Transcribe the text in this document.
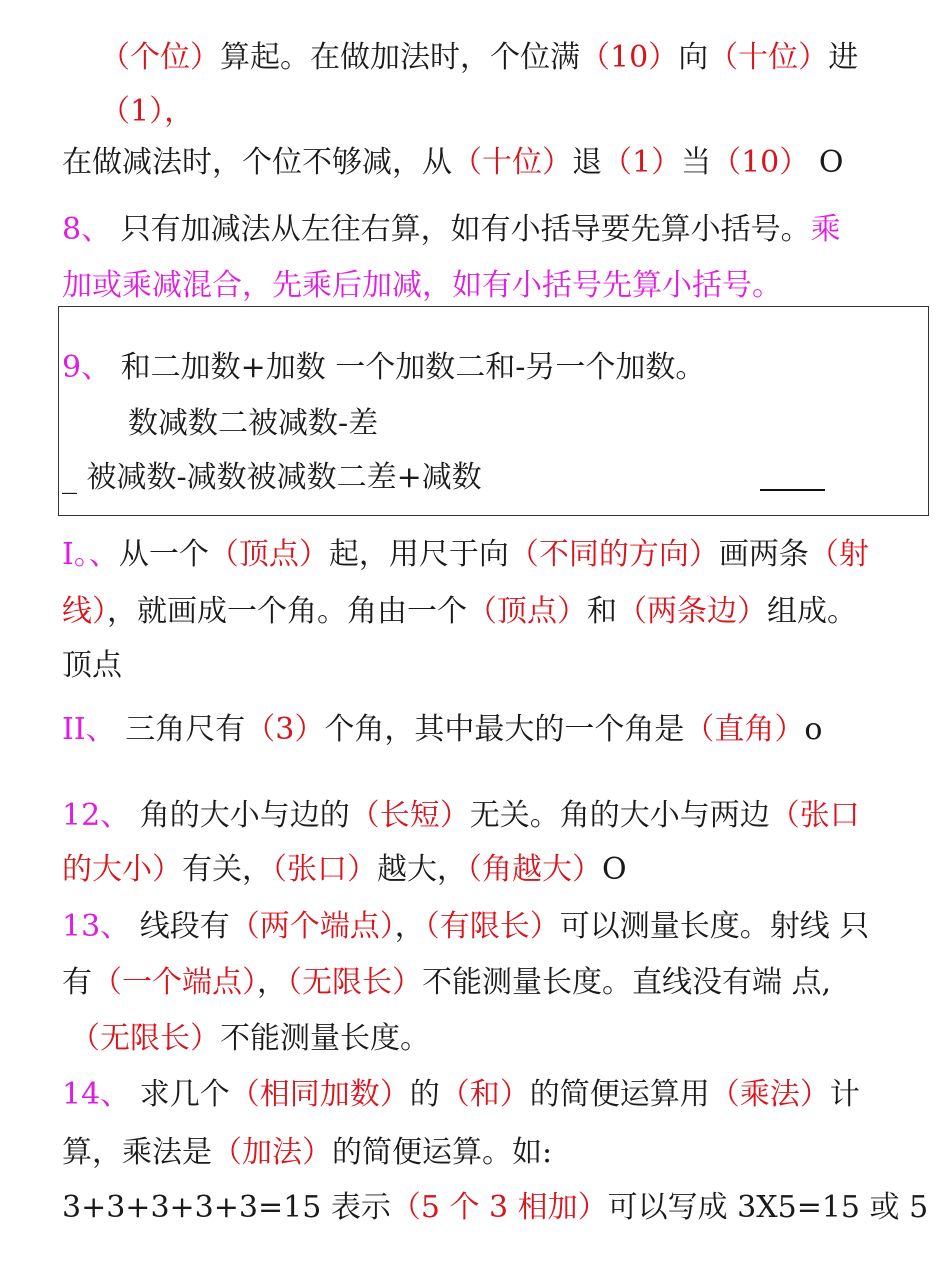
（个位）算起。在做加法时，个位满（10）向（十位）进
（1），
在做减法时，个位不够减，从（十位）退（1）当（10） O
8、 只有加减法从左往右算，如有小括导要先算小括号。乘
加或乘减混合，先乘后加减，如有小括号先算小括号。
9、 和二加数+加数 一个加数二和-另一个加数。
数减数二被减数-差
_ 被减数-减数被减数二差+减数
I。、从一个（顶点）起，用尺于向（不同的方向）画两条（射
线），就画成一个角。角由一个（顶点）和（两条边）组成。
顶点
II、 三角尺有（3）个角，其中最大的一个角是（直角）o
12、 角的大小与边的（长短）无关。角的大小与两边（张口
的大小）有关，（张口）越大，（角越大）O
13、 线段有（两个端点），（有限长）可以测量长度。射线 只
有（一个端点），（无限长）不能测量长度。直线没有端 点,
（无限长）不能测量长度。
14、 求几个（相同加数）的（和）的简便运算用（乘法）计
算，乘法是（加法）的简便运算。如:
3+3+3+3+3=15 表示（5 个 3 相加）可以写成 3X5=15 或 5
